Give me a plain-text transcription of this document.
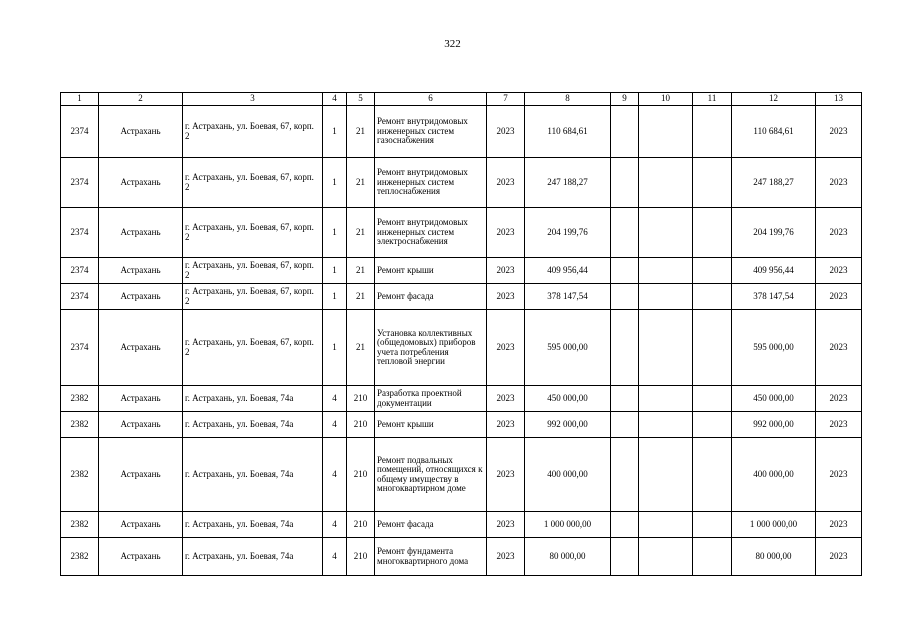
322
1	2	3	4	5	6	7	8	9	10	11	12	13
2374	Астрахань	г. Астрахань, ул. Боевая, 67, корп. 2	1	21	Ремонт внутридомовых инженерных систем газоснабжения	2023	110 684,61				110 684,61	2023
2374	Астрахань	г. Астрахань, ул. Боевая, 67, корп. 2	1	21	Ремонт внутридомовых инженерных систем теплоснабжения	2023	247 188,27				247 188,27	2023
2374	Астрахань	г. Астрахань, ул. Боевая, 67, корп. 2	1	21	Ремонт внутридомовых инженерных систем электроснабжения	2023	204 199,76				204 199,76	2023
2374	Астрахань	г. Астрахань, ул. Боевая, 67, корп. 2	1	21	Ремонт крыши	2023	409 956,44				409 956,44	2023
2374	Астрахань	г. Астрахань, ул. Боевая, 67, корп. 2	1	21	Ремонт фасада	2023	378 147,54				378 147,54	2023
2374	Астрахань	г. Астрахань, ул. Боевая, 67, корп. 2	1	21	Установка коллективных (общедомовых) приборов учета потребления тепловой энергии	2023	595 000,00				595 000,00	2023
2382	Астрахань	г. Астрахань, ул. Боевая, 74а	4	210	Разработка проектной документации	2023	450 000,00				450 000,00	2023
2382	Астрахань	г. Астрахань, ул. Боевая, 74а	4	210	Ремонт крыши	2023	992 000,00				992 000,00	2023
2382	Астрахань	г. Астрахань, ул. Боевая, 74а	4	210	Ремонт подвальных помещений, относящихся к общему имуществу в многоквартирном доме	2023	400 000,00				400 000,00	2023
2382	Астрахань	г. Астрахань, ул. Боевая, 74а	4	210	Ремонт фасада	2023	1 000 000,00				1 000 000,00	2023
2382	Астрахань	г. Астрахань, ул. Боевая, 74а	4	210	Ремонт фундамента многоквартирного дома	2023	80 000,00				80 000,00	2023
